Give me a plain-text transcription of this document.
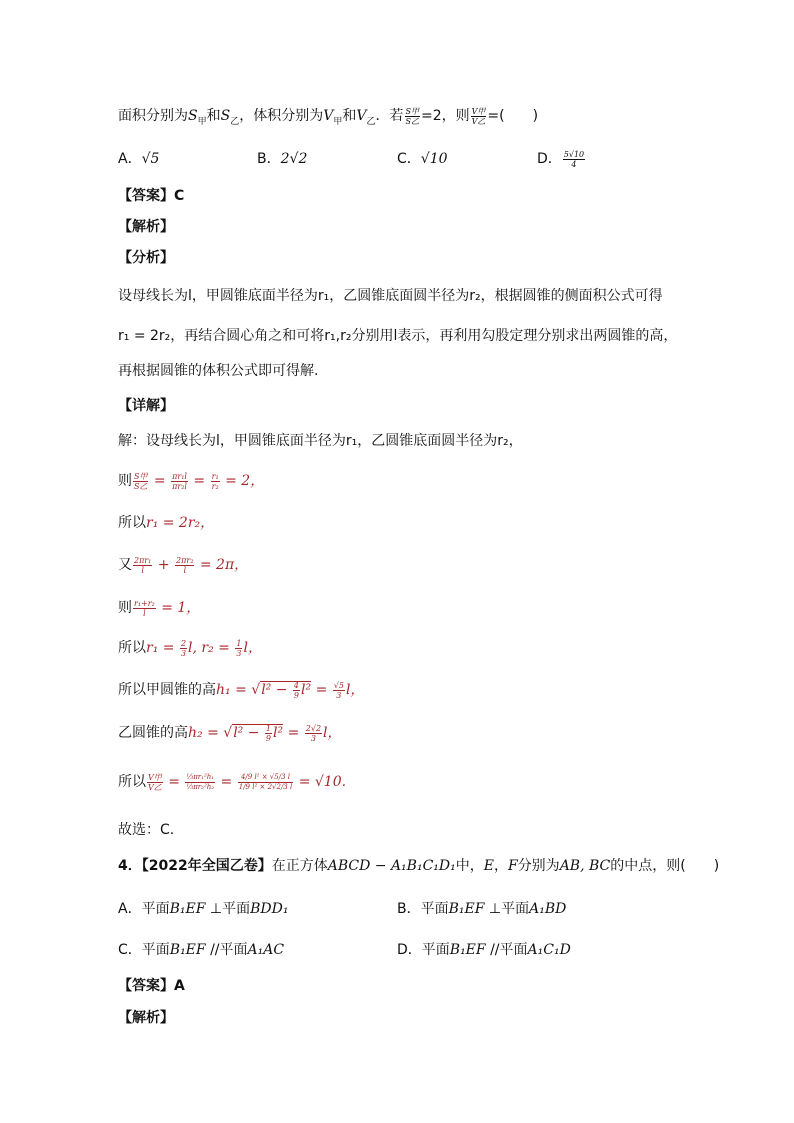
面积分别为$S_甲$和$S_乙$，体积分别为$V_甲$和$V_乙$．若 $\frac{\text{S甲}}{\text{S乙}} =2$，则 $\frac{\text{V甲}}{\text{V乙}}$ =(　　)
A．√5	B．2√2	C．√10	D． $\frac{5√10}{4}$
【答案】C
【解析】
【分析】
设母线长为l，甲圆锥底面半径为r₁，乙圆锥底面圆半径为r₂，根据圆锥的侧面积公式可得
r₁ = 2r₂，再结合圆心角之和可将r₁,r₂分别用l表示，再利用勾股定理分别求出两圆锥的高，
再根据圆锥的体积公式即可得解.
【详解】
解：设母线长为l，甲圆锥底面半径为r₁，乙圆锥底面圆半径为r₂，
则 $\frac{\text{S甲}}{\text{S乙}} = \frac{\text{πr₁l}}{\text{πr₂l}} = \frac{\text{r₁}}{\text{r₂}} = 2$，
所以r₁ = 2r₂，
又 $\frac{\text{2πr₁}}{l} + \frac{\text{2πr₂}}{l} = 2\pi$，
则 $\frac{\text{r₁+r₂}}{l} = 1$，
所以$r_1 = \frac{2}{3} l$, $r_2 = \frac{1}{3}$ l，
所以甲圆锥的高$h_1 = √l^2 - \frac{4}{9} l^2 = \frac{√5}{3}$ l，
乙圆锥的高$h_2 = √l^2 - \frac{1}{9} l^2 = \frac{2√2}{3}$ l，
所以 $\frac{\text{V甲}}{\text{V乙}} = \frac{\text{⅓πr₁²h₁}}{\text{⅓πr₂²h₂}} = \frac{\text{4/9 l² × √5/3 l}}{\text{1/9 l² × 2√2/3 l}} = √10$.
故选：C.
4．【2022年全国乙卷】在正方体ABCD − A₁B₁C₁D₁中，E，F分别为AB, BC的中点，则(　　)
A．平面B₁EF ⊥平面BDD₁	B．平面B₁EF ⊥平面A₁BD
C．平面B₁EF //平面A₁AC	D．平面B₁EF //平面A₁C₁D
【答案】A
【解析】
